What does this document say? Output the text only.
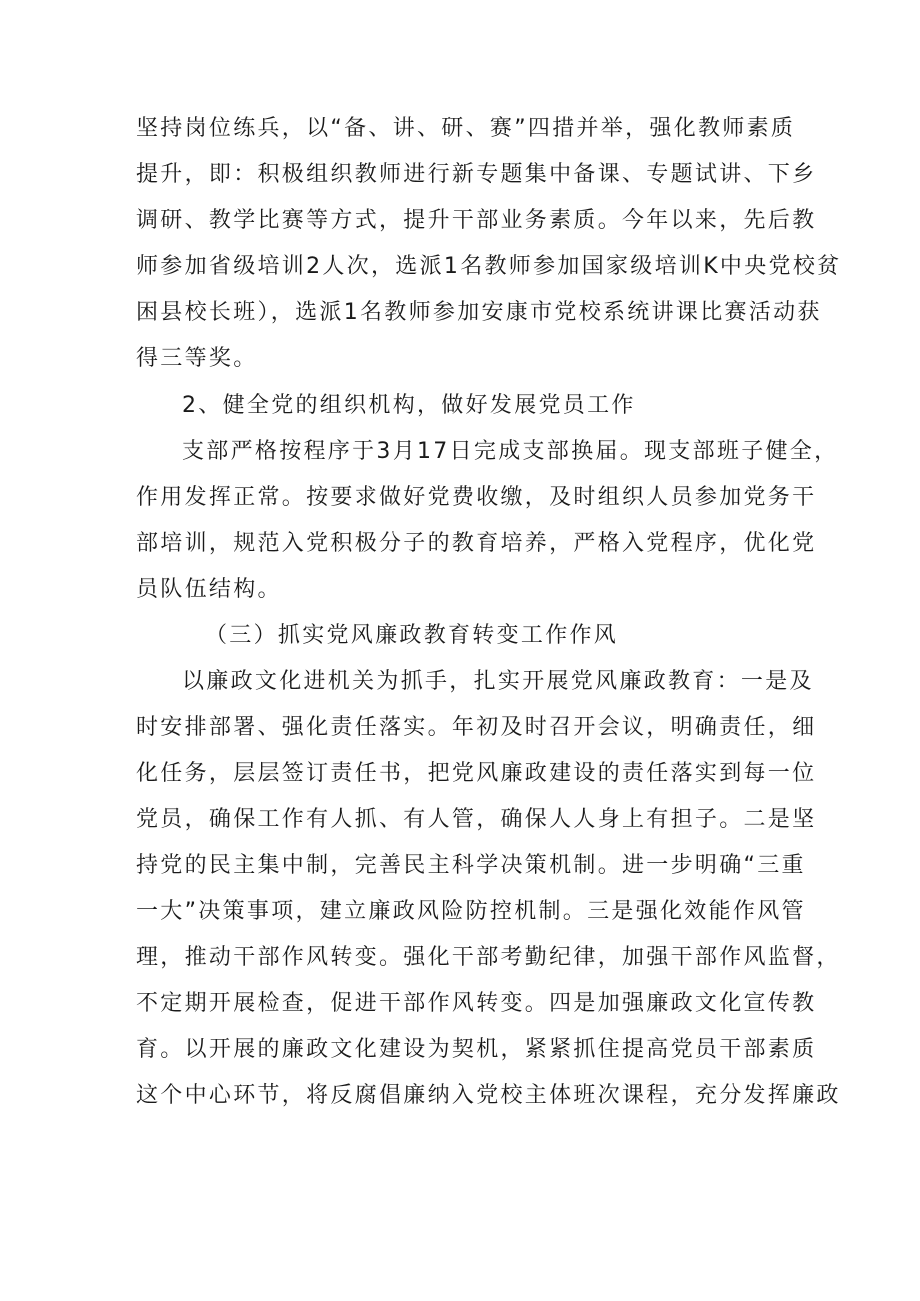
坚持岗位练兵，以“备、讲、研、赛”四措并举，强化教师素质
提升，即：积极组织教师进行新专题集中备课、专题试讲、下乡
调研、教学比赛等方式，提升干部业务素质。今年以来，先后教
师参加省级培训2人次，选派1名教师参加国家级培训K中央党校贫
困县校长班），选派1名教师参加安康市党校系统讲课比赛活动获
得三等奖。
2、健全党的组织机构，做好发展党员工作
支部严格按程序于3月17日完成支部换届。现支部班子健全，
作用发挥正常。按要求做好党费收缴，及时组织人员参加党务干
部培训，规范入党积极分子的教育培养，严格入党程序，优化党
员队伍结构。
（三）抓实党风廉政教育转变工作作风
以廉政文化进机关为抓手，扎实开展党风廉政教育：一是及
时安排部署、强化责任落实。年初及时召开会议，明确责任，细
化任务，层层签订责任书，把党风廉政建设的责任落实到每一位
党员，确保工作有人抓、有人管，确保人人身上有担子。二是坚
持党的民主集中制，完善民主科学决策机制。进一步明确“三重
一大”决策事项，建立廉政风险防控机制。三是强化效能作风管
理，推动干部作风转变。强化干部考勤纪律，加强干部作风监督，
不定期开展检查，促进干部作风转变。四是加强廉政文化宣传教
育。以开展的廉政文化建设为契机，紧紧抓住提高党员干部素质
这个中心环节，将反腐倡廉纳入党校主体班次课程，充分发挥廉政
